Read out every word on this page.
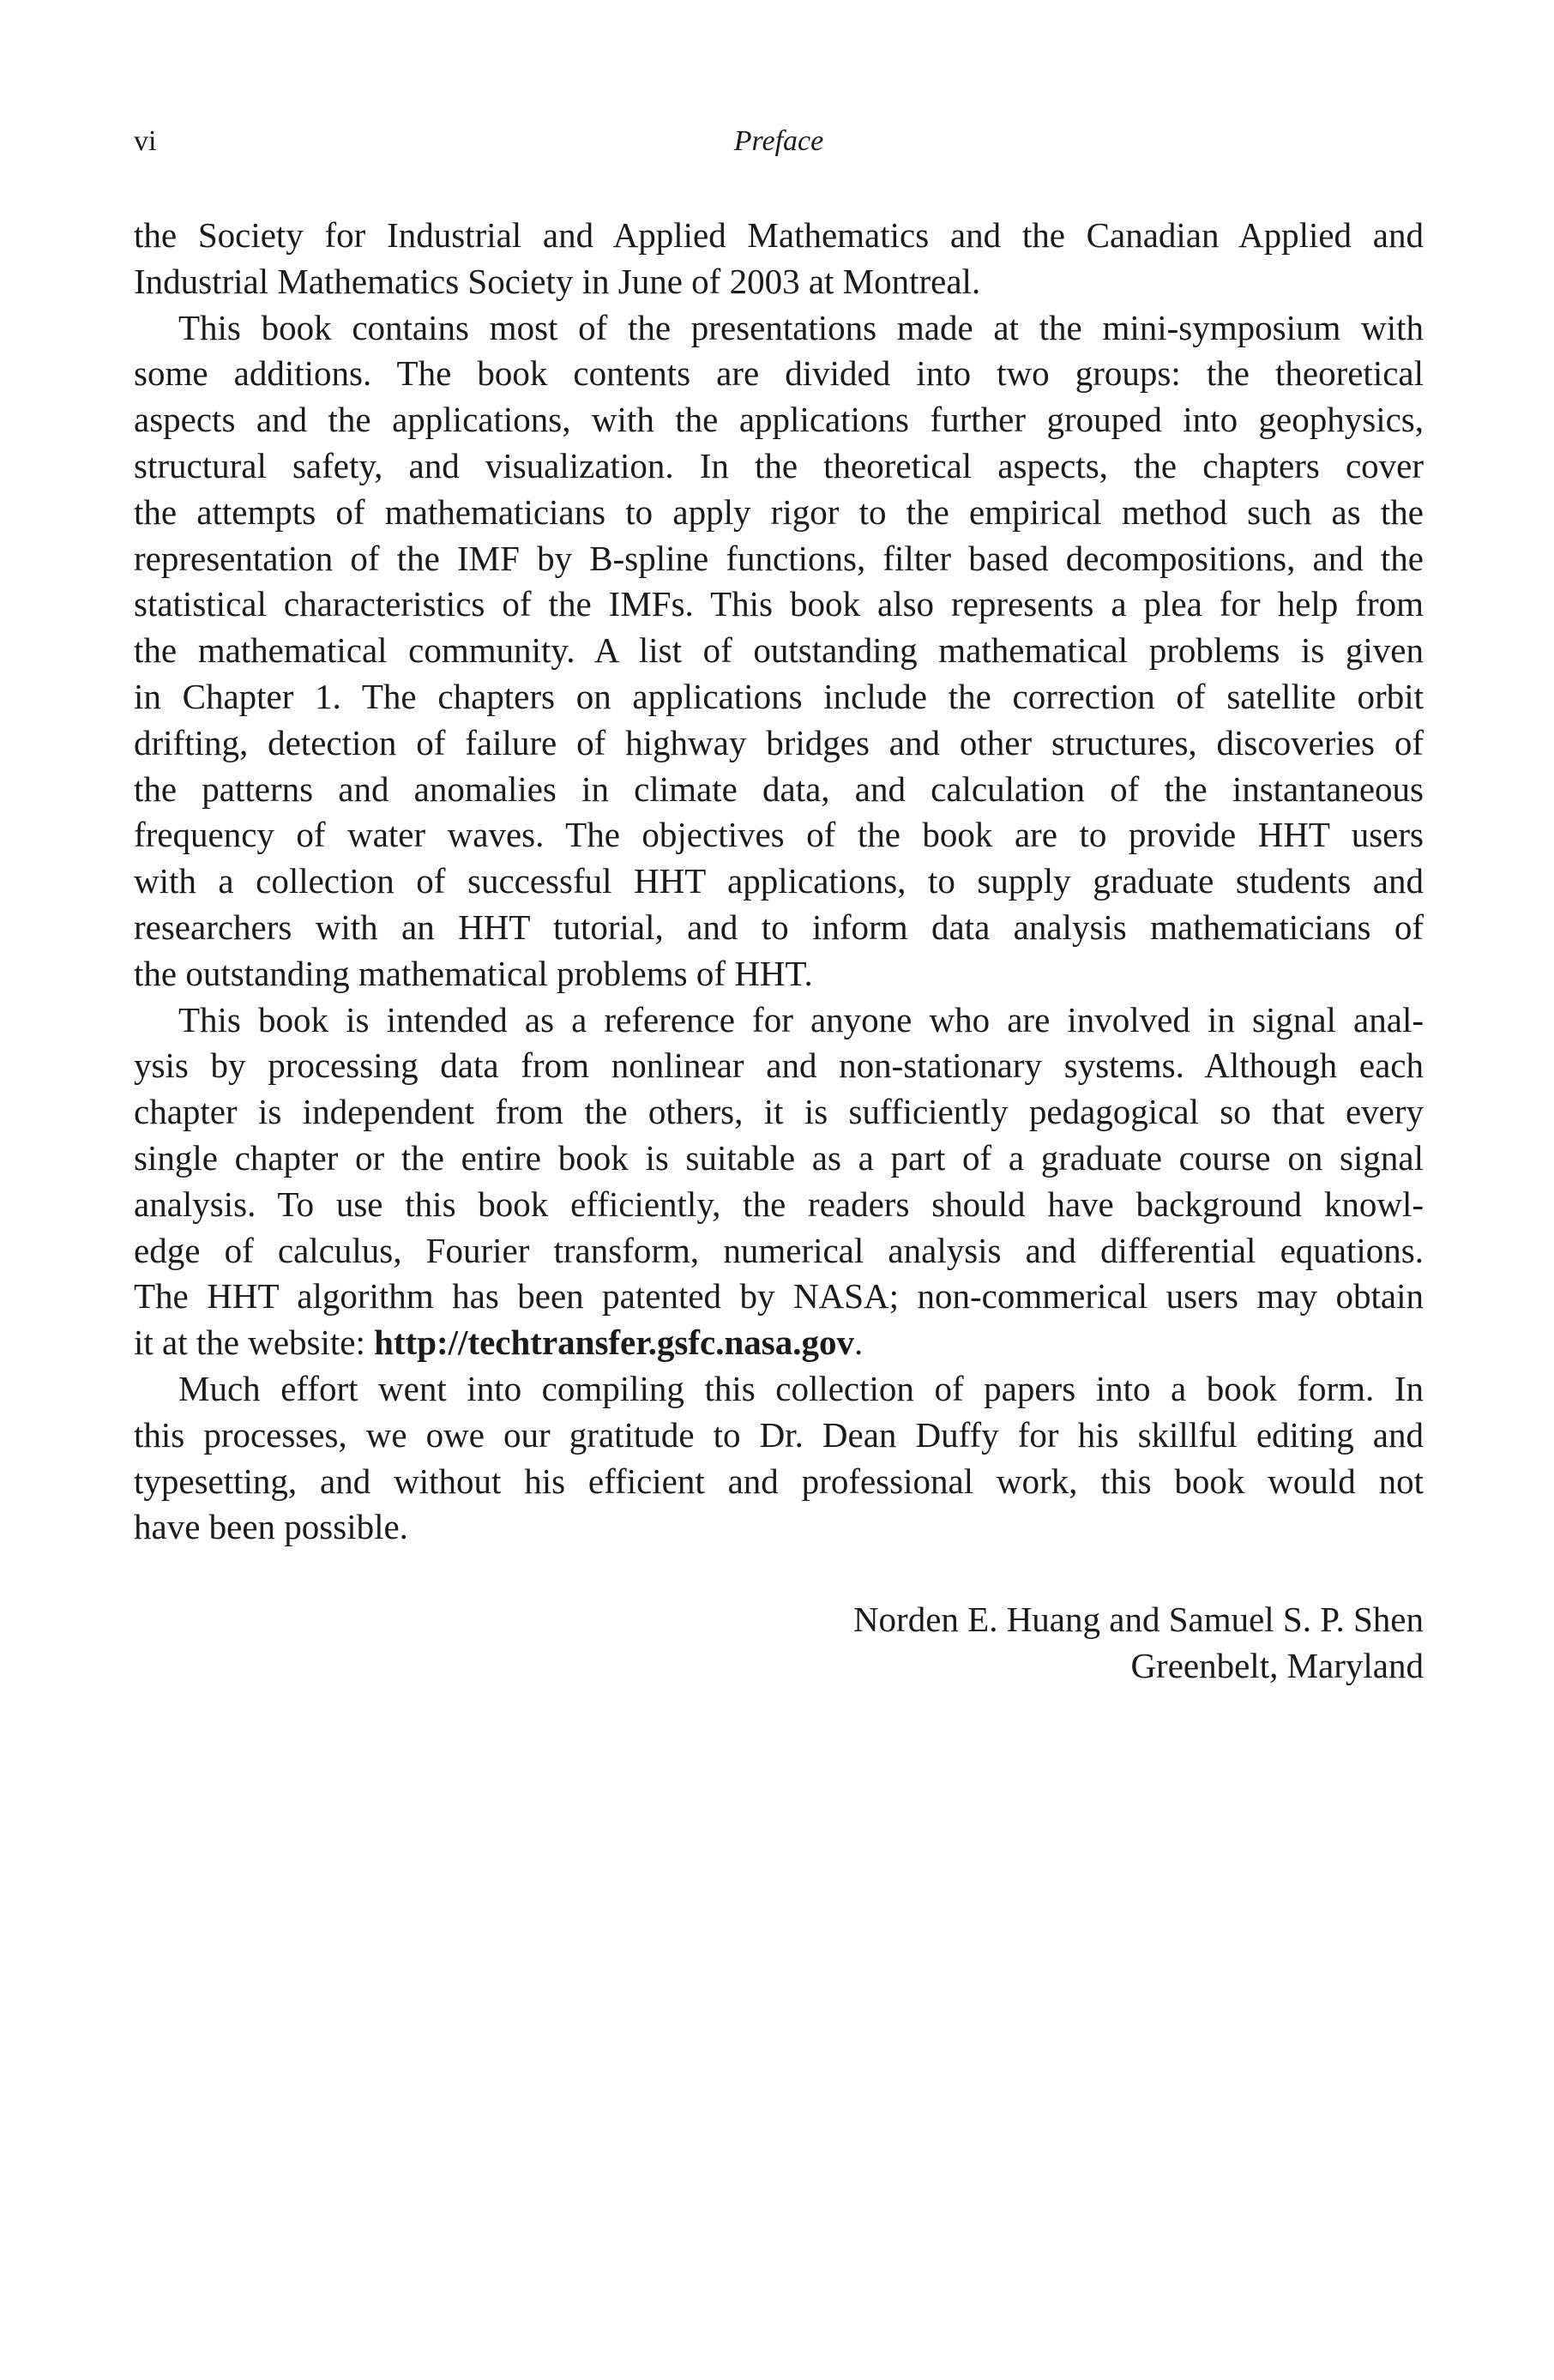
vi	Preface
the Society for Industrial and Applied Mathematics and the Canadian Applied and
Industrial Mathematics Society in June of 2003 at Montreal.
This book contains most of the presentations made at the mini-symposium with
some additions. The book contents are divided into two groups: the theoretical
aspects and the applications, with the applications further grouped into geophysics,
structural safety, and visualization. In the theoretical aspects, the chapters cover
the attempts of mathematicians to apply rigor to the empirical method such as the
representation of the IMF by B-spline functions, filter based decompositions, and the
statistical characteristics of the IMFs. This book also represents a plea for help from
the mathematical community. A list of outstanding mathematical problems is given
in Chapter 1. The chapters on applications include the correction of satellite orbit
drifting, detection of failure of highway bridges and other structures, discoveries of
the patterns and anomalies in climate data, and calculation of the instantaneous
frequency of water waves. The objectives of the book are to provide HHT users
with a collection of successful HHT applications, to supply graduate students and
researchers with an HHT tutorial, and to inform data analysis mathematicians of
the outstanding mathematical problems of HHT.
This book is intended as a reference for anyone who are involved in signal anal-
ysis by processing data from nonlinear and non-stationary systems. Although each
chapter is independent from the others, it is sufficiently pedagogical so that every
single chapter or the entire book is suitable as a part of a graduate course on signal
analysis. To use this book efficiently, the readers should have background knowl-
edge of calculus, Fourier transform, numerical analysis and differential equations.
The HHT algorithm has been patented by NASA; non-commerical users may obtain
it at the website: http://techtransfer.gsfc.nasa.gov.
Much effort went into compiling this collection of papers into a book form. In
this processes, we owe our gratitude to Dr. Dean Duffy for his skillful editing and
typesetting, and without his efficient and professional work, this book would not
have been possible.
Norden E. Huang and Samuel S. P. Shen
Greenbelt, Maryland
